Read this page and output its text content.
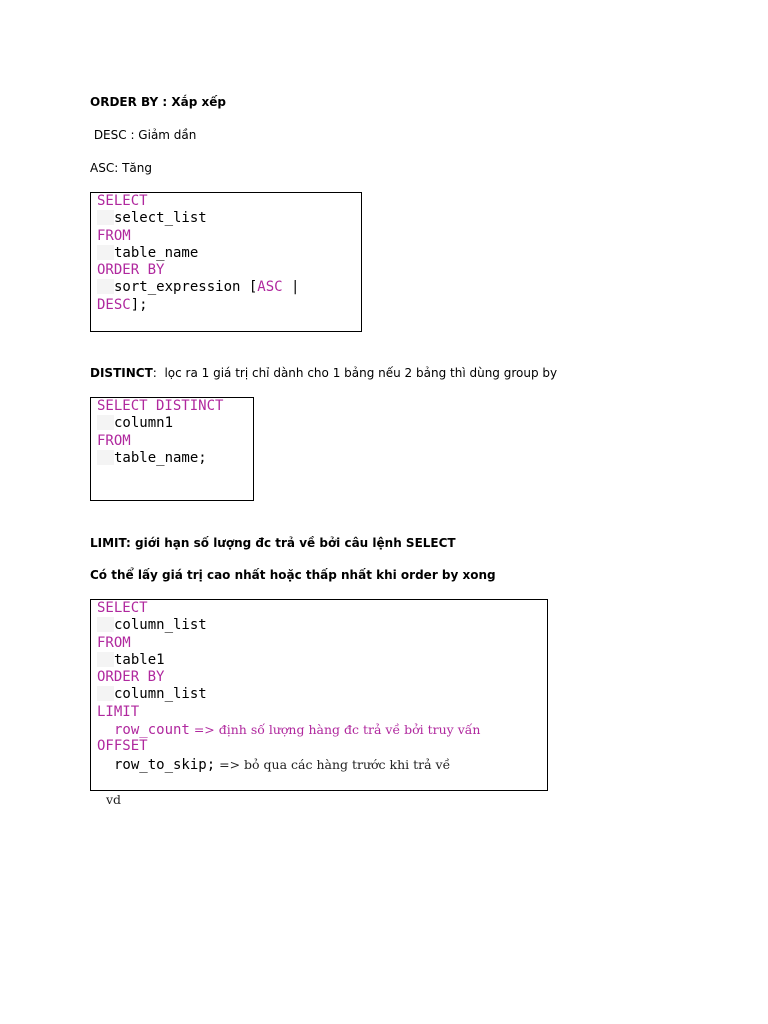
ORDER BY : Xắp xếp
DESC : Giảm dần
ASC: Tăng
SELECT
select_list
FROM
table_name
ORDER BY
sort_expression [ASC |
DESC];
DISTINCT:  lọc ra 1 giá trị chỉ dành cho 1 bảng nếu 2 bảng thì dùng group by
SELECT DISTINCT
column1
FROM
table_name;
LIMIT: giới hạn số lượng đc trả về bởi câu lệnh SELECT
Có thể lấy giá trị cao nhất hoặc thấp nhất khi order by xong
SELECT
column_list
FROM
table1
ORDER BY
column_list
LIMIT
row_count => định số lượng hàng đc trả về bởi truy vấn
OFFSET
row_to_skip; => bỏ qua các hàng trước khi trả về
vd
